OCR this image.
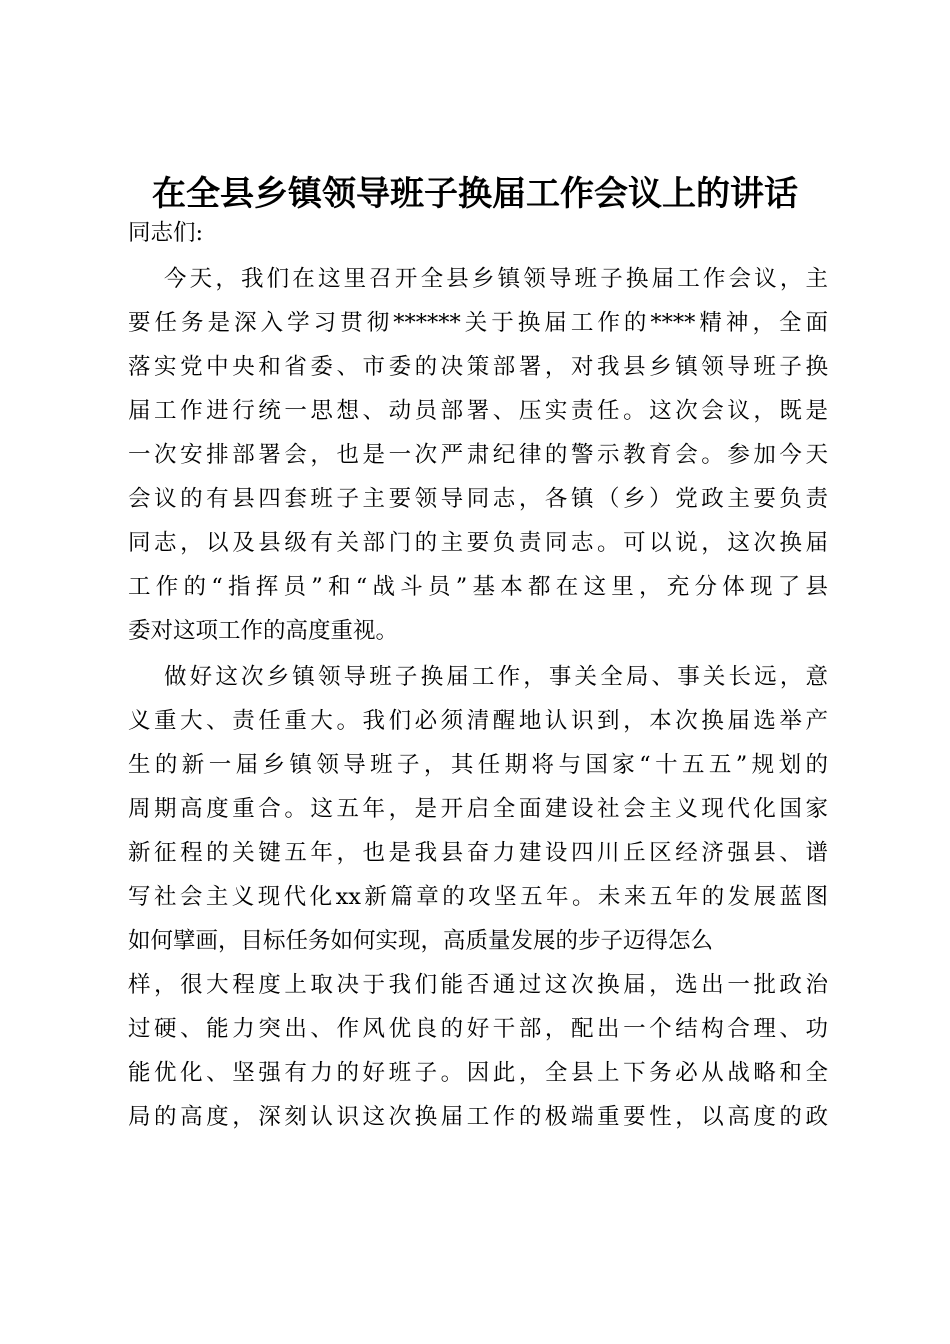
在全县乡镇领导班子换届工作会议上的讲话
同志们:
今天，我们在这里召开全县乡镇领导班子换届工作会议，主
要任务是深入学习贯彻******关于换届工作的****精神，全面
落实党中央和省委、市委的决策部署，对我县乡镇领导班子换
届工作进行统一思想、动员部署、压实责任。这次会议，既是
一次安排部署会，也是一次严肃纪律的警示教育会。参加今天
会议的有县四套班子主要领导同志，各镇（乡）党政主要负责
同志，以及县级有关部门的主要负责同志。可以说，这次换届
工作的“指挥员”和“战斗员”基本都在这里，充分体现了县
委对这项工作的高度重视。
做好这次乡镇领导班子换届工作，事关全局、事关长远，意
义重大、责任重大。我们必须清醒地认识到，本次换届选举产
生的新一届乡镇领导班子，其任期将与国家“十五五”规划的
周期高度重合。这五年，是开启全面建设社会主义现代化国家
新征程的关键五年，也是我县奋力建设四川丘区经济强县、谱
写社会主义现代化xx新篇章的攻坚五年。未来五年的发展蓝图
如何擘画，目标任务如何实现，高质量发展的步子迈得怎么
样，很大程度上取决于我们能否通过这次换届，选出一批政治
过硬、能力突出、作风优良的好干部，配出一个结构合理、功
能优化、坚强有力的好班子。因此，全县上下务必从战略和全
局的高度，深刻认识这次换届工作的极端重要性，以高度的政
